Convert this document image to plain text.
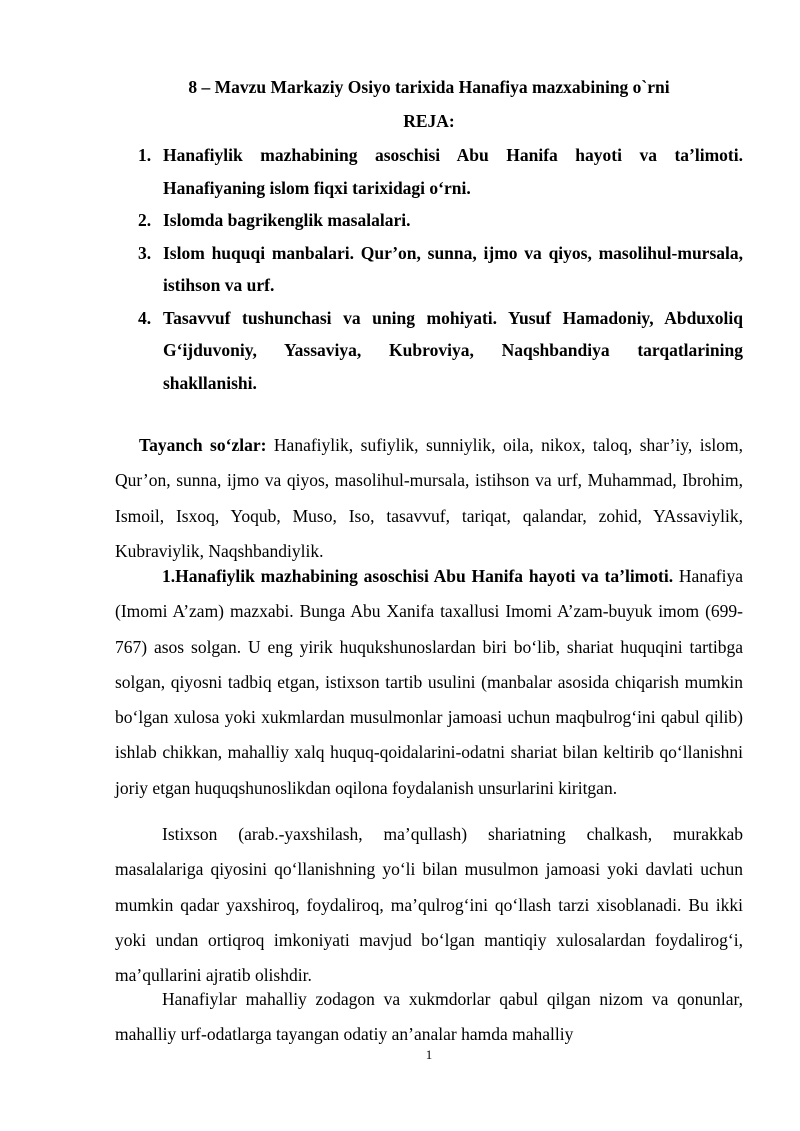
8 – Mavzu Markaziy Osiyo tarixida Hanafiya mazxabining o`rni
REJA:
1. Hanafiylik mazhabining asoschisi Abu Hanifa hayoti va ta’limoti. Hanafiyaning islom fiqxi tarixidagi o‘rni.
2. Islomda bagrikenglik masalalari.
3. Islom huquqi manbalari. Qur’on, sunna, ijmo va qiyos, masolihul-mursala, istihson va urf.
4. Tasavvuf tushunchasi va uning mohiyati. Yusuf Hamadoniy, Abduxoliq G‘ijduvoniy, Yassaviya, Kubroviya, Naqshbandiya tarqatlarining shakllanishi.

Tayanch so‘zlar: Hanafiylik, sufiylik, sunniylik, oila, nikox, taloq, shar’iy, islom, Qur’on, sunna, ijmo va qiyos, masolihul-mursala, istihson va urf, Muhammad, Ibrohim, Ismoil, Isxoq, Yoqub, Muso, Iso, tasavvuf, tariqat, qalandar, zohid, YAssaviylik, Kubraviylik, Naqshbandiylik.

1.Hanafiylik mazhabining asoschisi Abu Hanifa hayoti va ta’limoti. Hanafiya (Imomi A’zam) mazxabi. Bunga Abu Xanifa taxallusi Imomi A’zam-buyuk imom (699-767) asos solgan. U eng yirik huqukshunoslardan biri bo‘lib, shariat huquqini tartibga solgan, qiyosni tadbiq etgan, istixson tartib usulini (manbalar asosida chiqarish mumkin bo‘lgan xulosa yoki xukmlardan musulmonlar jamoasi uchun maqbulrog‘ini qabul qilib) ishlab chikkan, mahalliy xalq huquq-qoidalarini-odatni shariat bilan keltirib qo‘llanishni joriy etgan huquqshunoslikdan oqilona foydalanish unsurlarini kiritgan.

Istixson (arab.-yaxshilash, ma’qullash) shariatning chalkash, murakkab masalalariga qiyosini qo‘llanishning yo‘li bilan musulmon jamoasi yoki davlati uchun mumkin qadar yaxshiroq, foydaliroq, ma’qulrog‘ini qo‘llash tarzi xisoblanadi. Bu ikki yoki undan ortiqroq imkoniyati mavjud bo‘lgan mantiqiy xulosalardan foydalirog‘i, ma’qullarini ajratib olishdir.

Hanafiylar mahalliy zodagon va xukmdorlar qabul qilgan nizom va qonunlar, mahalliy urf-odatlarga tayangan odatiy an’analar hamda mahalliy

1
